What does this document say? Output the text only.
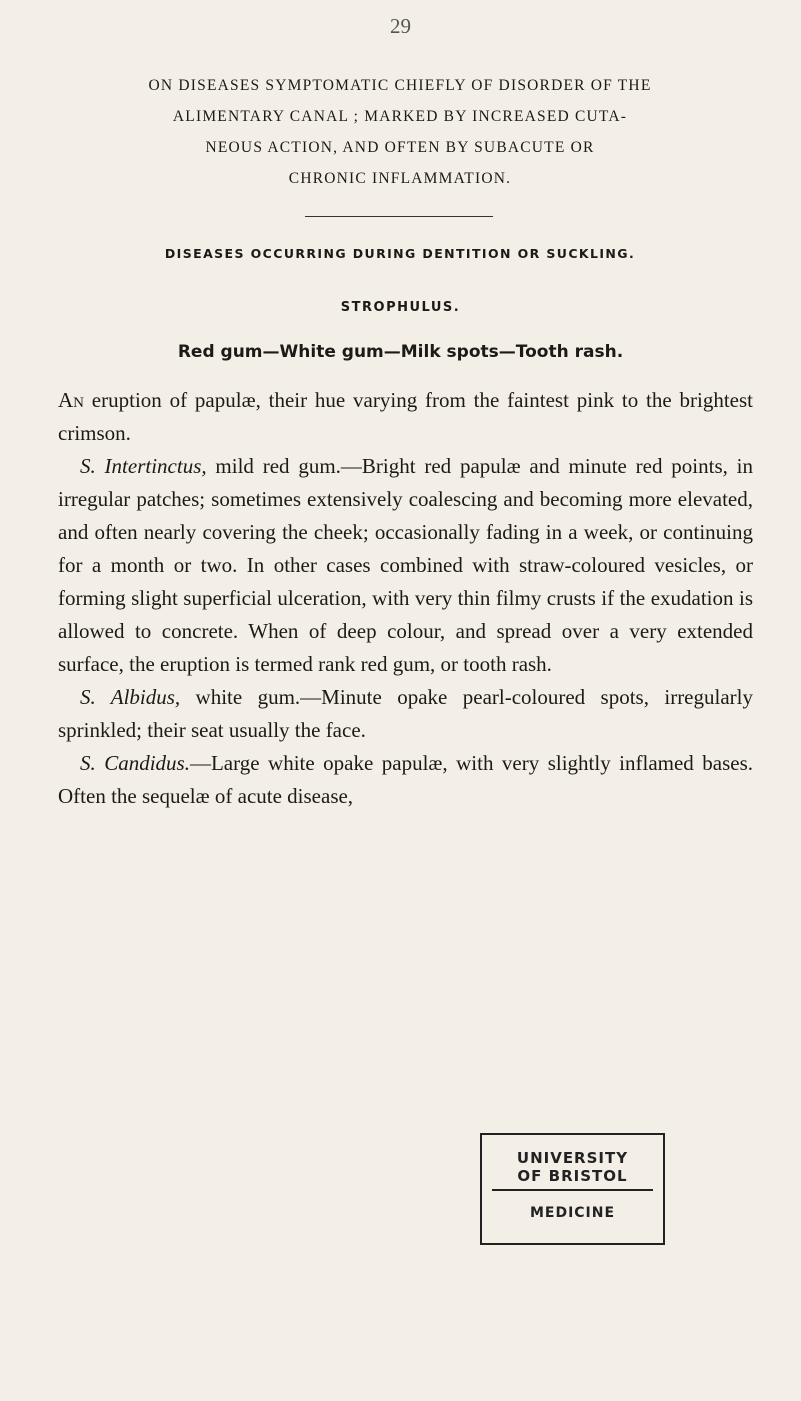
29
ON DISEASES SYMPTOMATIC CHIEFLY OF DISORDER OF THE
ALIMENTARY CANAL ; MARKED BY INCREASED CUTA-
NEOUS ACTION, AND OFTEN BY SUBACUTE OR
CHRONIC INFLAMMATION.
DISEASES OCCURRING DURING DENTITION OR SUCKLING.
STROPHULUS.
Red gum—White gum—Milk spots—Tooth rash.

An eruption of papulæ, their hue varying from the faintest pink to the brightest crimson.

S. Intertinctus, mild red gum.—Bright red papulæ and minute red points, in irregular patches; sometimes extensively coalescing and becoming more elevated, and often nearly covering the cheek; occasionally fading in a week, or continuing for a month or two. In other cases combined with straw-coloured vesicles, or forming slight superficial ulceration, with very thin filmy crusts if the exudation is allowed to concrete. When of deep colour, and spread over a very extended surface, the eruption is termed rank red gum, or tooth rash.

S. Albidus, white gum.—Minute opake pearl-coloured spots, irregularly sprinkled; their seat usually the face.

S. Candidus.—Large white opake papulæ, with very slightly inflamed bases. Often the sequelæ of acute disease,

UNIVERSITY
OF BRISTOL
MEDICINE
